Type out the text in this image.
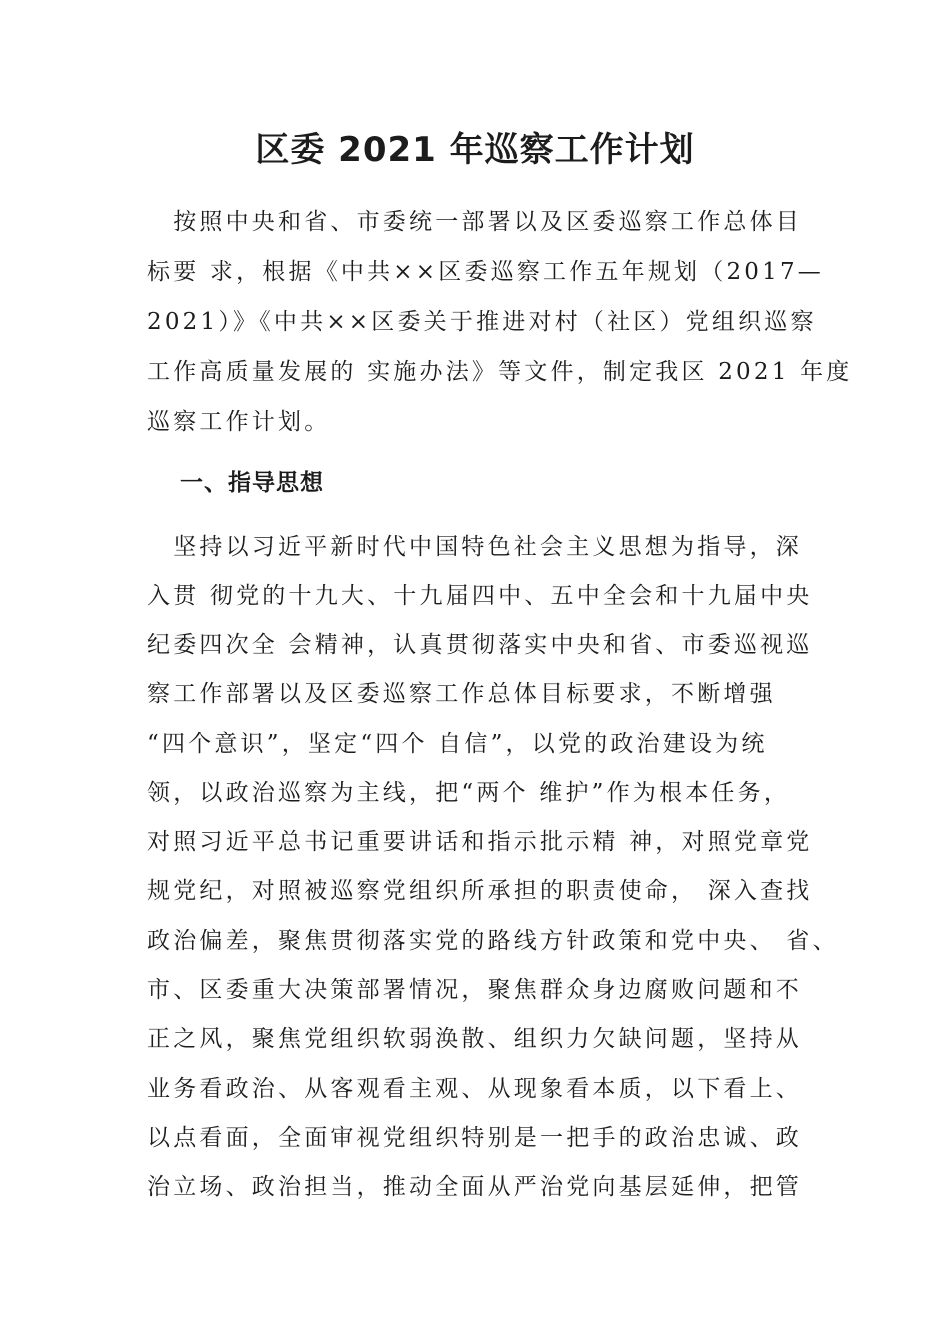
区委 2021 年巡察工作计划
　按照中央和省、市委统一部署以及区委巡察工作总体目
标要 求，根据《中共××区委巡察工作五年规划（2017—
2021）》《中共××区委关于推进对村（社区）党组织巡察
工作高质量发展的 实施办法》等文件，制定我区 2021 年度
巡察工作计划。
一、指导思想
　坚持以习近平新时代中国特色社会主义思想为指导，深
入贯 彻党的十九大、十九届四中、五中全会和十九届中央
纪委四次全 会精神，认真贯彻落实中央和省、市委巡视巡
察工作部署以及区委巡察工作总体目标要求，不断增强
“四个意识”，坚定“四个 自信”，以党的政治建设为统
领，以政治巡察为主线，把“两个 维护”作为根本任务，
对照习近平总书记重要讲话和指示批示精 神，对照党章党
规党纪，对照被巡察党组织所承担的职责使命， 深入查找
政治偏差，聚焦贯彻落实党的路线方针政策和党中央、 省、
市、区委重大决策部署情况，聚焦群众身边腐败问题和不
正之风，聚焦党组织软弱涣散、组织力欠缺问题，坚持从
业务看政治、从客观看主观、从现象看本质，以下看上、
以点看面，全面审视党组织特别是一把手的政治忠诚、政
治立场、政治担当，推动全面从严治党向基层延伸，把管
